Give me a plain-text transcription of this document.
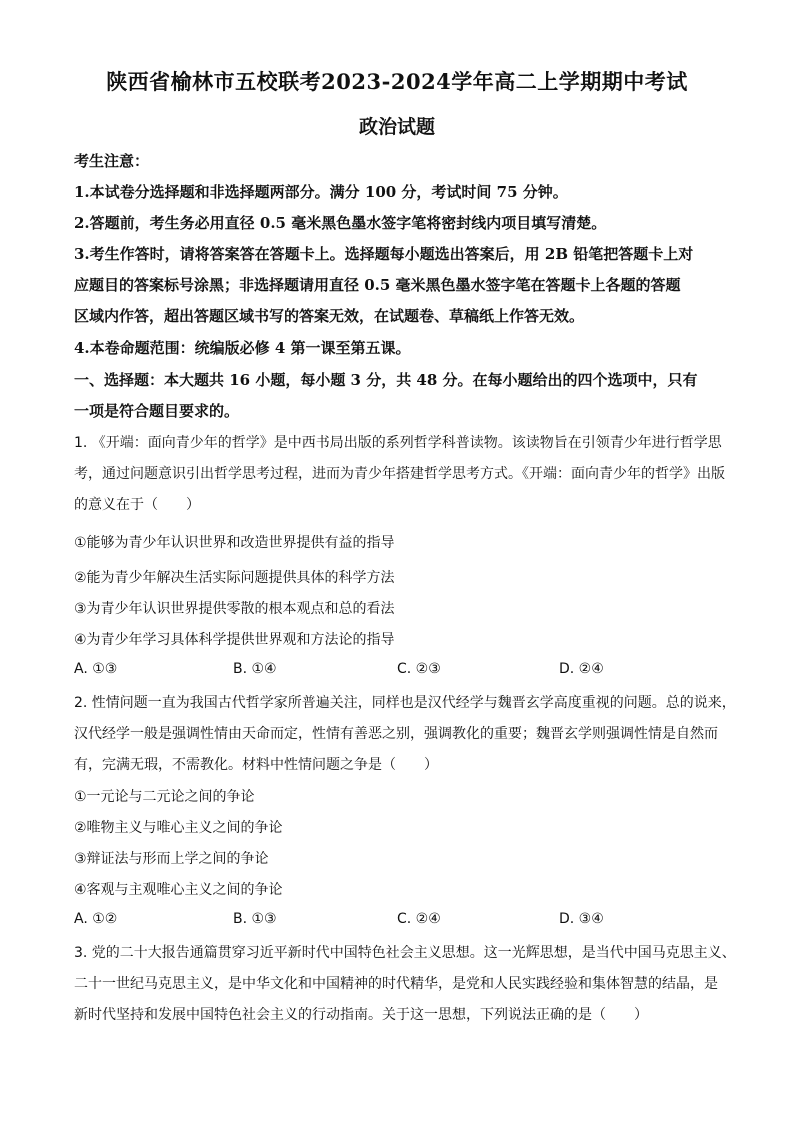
陕西省榆林市五校联考2023-2024学年高二上学期期中考试
政治试题
考生注意：
1.本试卷分选择题和非选择题两部分。满分 100 分，考试时间 75 分钟。
2.答题前，考生务必用直径 0.5 毫米黑色墨水签字笔将密封线内项目填写清楚。
3.考生作答时，请将答案答在答题卡上。选择题每小题选出答案后，用 2B 铅笔把答题卡上对
应题目的答案标号涂黑；非选择题请用直径 0.5 毫米黑色墨水签字笔在答题卡上各题的答题
区域内作答，超出答题区域书写的答案无效，在试题卷、草稿纸上作答无效。
4.本卷命题范围：统编版必修 4 第一课至第五课。
一、选择题：本大题共 16 小题，每小题 3 分，共 48 分。在每小题给出的四个选项中，只有
一项是符合题目要求的。
1. 《开端：面向青少年的哲学》是中西书局出版的系列哲学科普读物。该读物旨在引领青少年进行哲学思
考，通过问题意识引出哲学思考过程，进而为青少年搭建哲学思考方式。《开端：面向青少年的哲学》出版
的意义在于（　　）
①能够为青少年认识世界和改造世界提供有益的指导
②能为青少年解决生活实际问题提供具体的科学方法
③为青少年认识世界提供零散的根本观点和总的看法
④为青少年学习具体科学提供世界观和方法论的指导
A. ①③	B. ①④	C. ②③	D. ②④
2. 性情问题一直为我国古代哲学家所普遍关注，同样也是汉代经学与魏晋玄学高度重视的问题。总的说来，
汉代经学一般是强调性情由天命而定，性情有善恶之别，强调教化的重要；魏晋玄学则强调性情是自然而
有，完满无瑕，不需教化。材料中性情问题之争是（　　）
①一元论与二元论之间的争论
②唯物主义与唯心主义之间的争论
③辩证法与形而上学之间的争论
④客观与主观唯心主义之间的争论
A. ①②	B. ①③	C. ②④	D. ③④
3. 党的二十大报告通篇贯穿习近平新时代中国特色社会主义思想。这一光辉思想，是当代中国马克思主义、
二十一世纪马克思主义，是中华文化和中国精神的时代精华，是党和人民实践经验和集体智慧的结晶，是
新时代坚持和发展中国特色社会主义的行动指南。关于这一思想，下列说法正确的是（　　）
